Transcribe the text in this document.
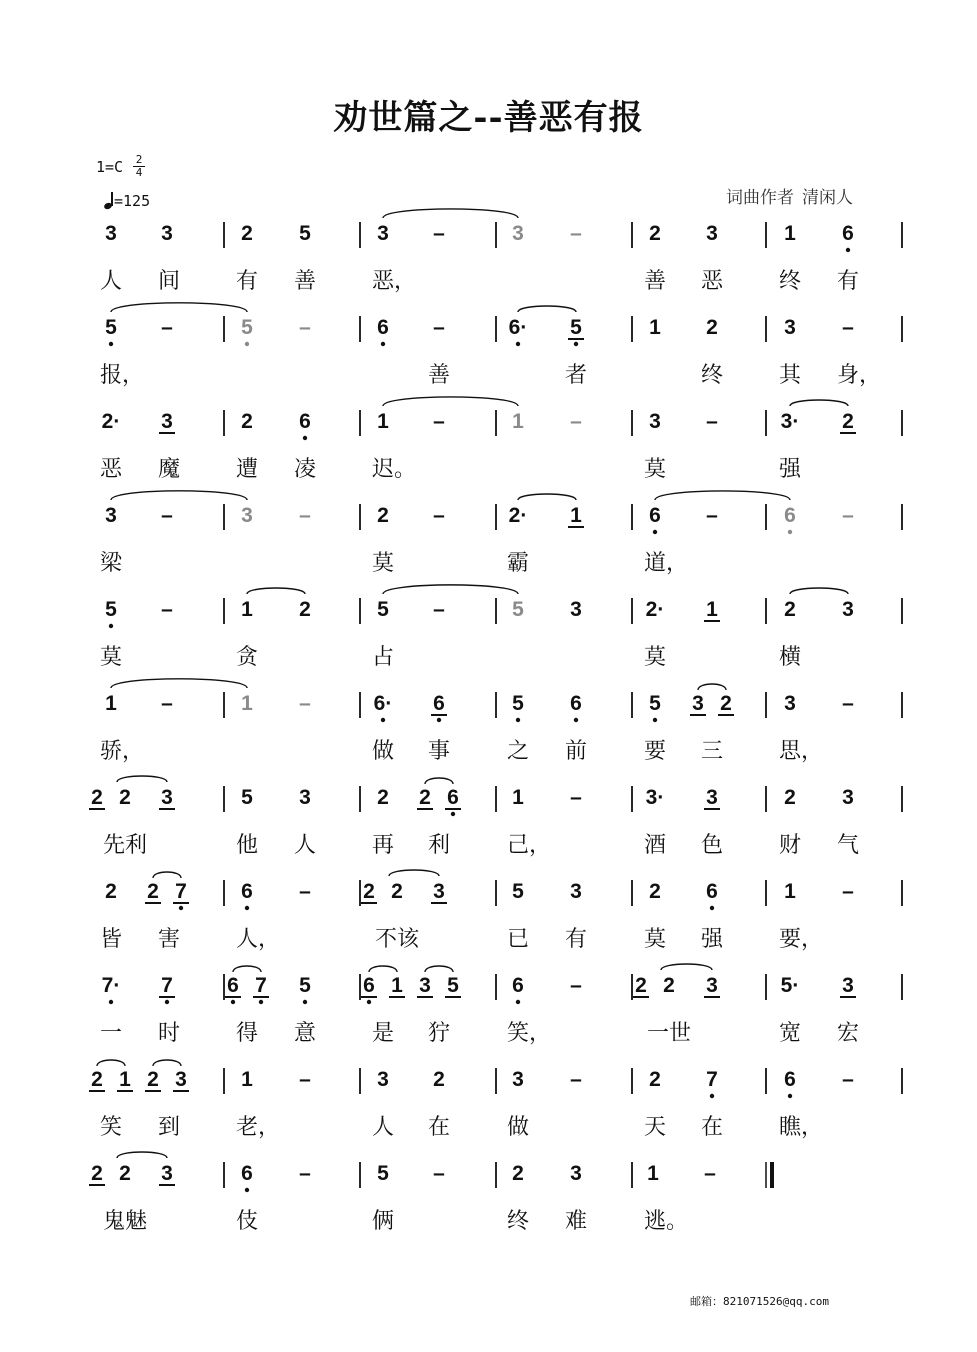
劝世篇之--善恶有报
1=C	2
4
=125	词曲作者 清闲人
3 3	2 5	3 –	3 –	2 3	1 6
人 间	有 善	恶，	善 恶	终 有
5 –	5 –	6 –	6· 5	1 2	3 –
报，	善	者	终	其 身，
2· 3	2 6	1 –	1 –	3 –	3· 2
恶 魔	遭 凌	迟。	莫	强
3 –	3 –	2 –	2· 1	6 –	6 –
梁	莫	霸	道，
5 –	1 2	5 –	5 3	2· 1	2 3
莫	贪	占	莫	横
1 –	1 –	6· 6	5 6	5 3 2 3 –
骄，	做 事	之 前	要 三	思，
2 2 3	5 3	2 2 6	1 –	3· 3	2 3
先利	他 人	再 利	己，	酒 色	财 气
2 2 7	6 – 2 2 3	5 3	2 6	1 –
皆 害	人，	不该	已 有	莫 强	要，
7· 7	6 7 5 6 1 3 5	6 –	2 2 3	5· 3
一 时	得 意	是 狞	笑，	一世	宽 宏
2 1 2 3	1 –	3 2	3 –	2 7	6 –
笑 到	老，	人 在	做	天 在	瞧，
2 2 3	6 –	5 –	2 3	1 –
鬼魅	伎	俩	终 难	逃。
邮箱：821071526@qq.com
